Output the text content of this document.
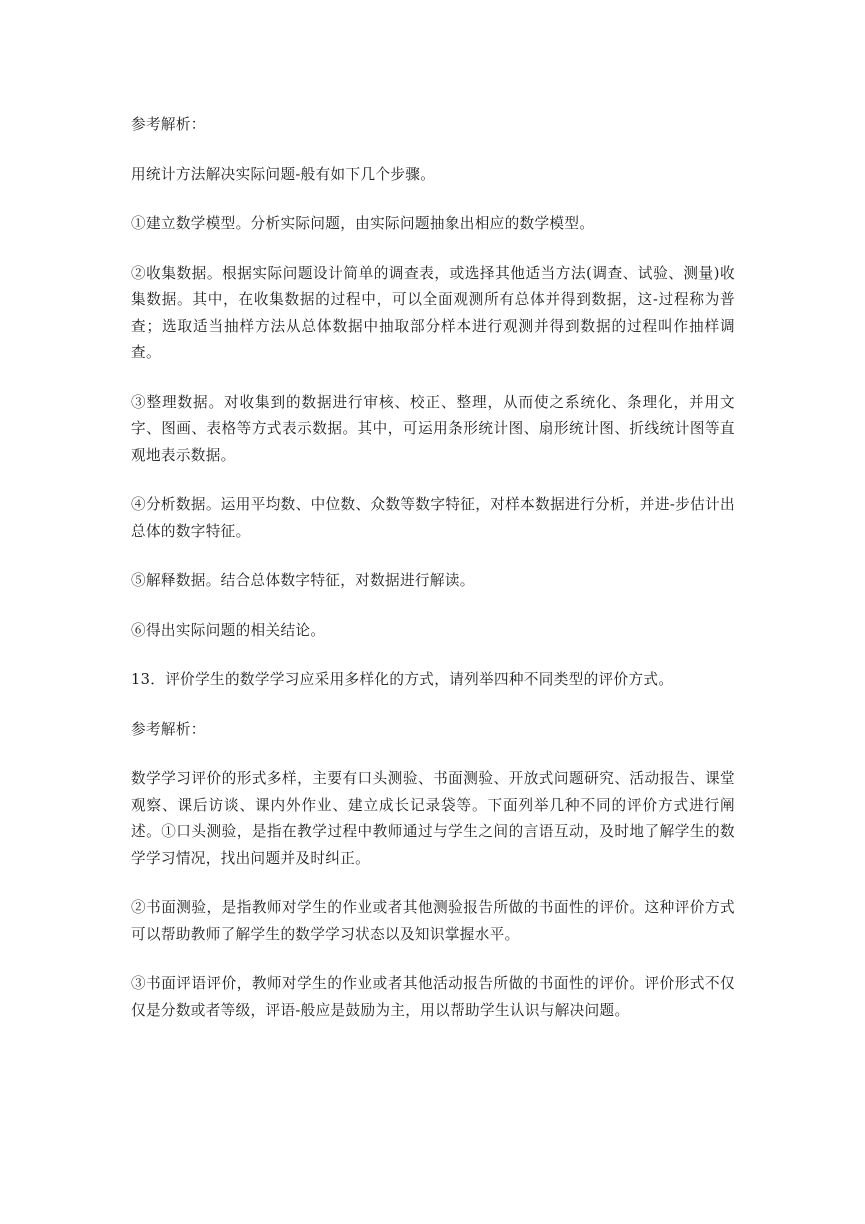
参考解析：

用统计方法解决实际问题-般有如下几个步骤。

①建立数学模型。分析实际问题，由实际问题抽象出相应的数学模型。

②收集数据。根据实际问题设计简单的调查表，或选择其他适当方法(调查、试验、测量)收集数据。其中，在收集数据的过程中，可以全面观测所有总体并得到数据，这-过程称为普查；选取适当抽样方法从总体数据中抽取部分样本进行观测并得到数据的过程叫作抽样调查。

③整理数据。对收集到的数据进行审核、校正、整理，从而使之系统化、条理化，并用文字、图画、表格等方式表示数据。其中，可运用条形统计图、扇形统计图、折线统计图等直观地表示数据。

④分析数据。运用平均数、中位数、众数等数字特征，对样本数据进行分析，并进-步估计出总体的数字特征。

⑤解释数据。结合总体数字特征，对数据进行解读。

⑥得出实际问题的相关结论。

13．评价学生的数学学习应采用多样化的方式，请列举四种不同类型的评价方式。

参考解析：

数学学习评价的形式多样，主要有口头测验、书面测验、开放式问题研究、活动报告、课堂观察、课后访谈、课内外作业、建立成长记录袋等。下面列举几种不同的评价方式进行阐述。①口头测验，是指在教学过程中教师通过与学生之间的言语互动，及时地了解学生的数学学习情况，找出问题并及时纠正。

②书面测验，是指教师对学生的作业或者其他测验报告所做的书面性的评价。这种评价方式可以帮助教师了解学生的数学学习状态以及知识掌握水平。

③书面评语评价，教师对学生的作业或者其他活动报告所做的书面性的评价。评价形式不仅仅是分数或者等级，评语-般应是鼓励为主，用以帮助学生认识与解决问题。
